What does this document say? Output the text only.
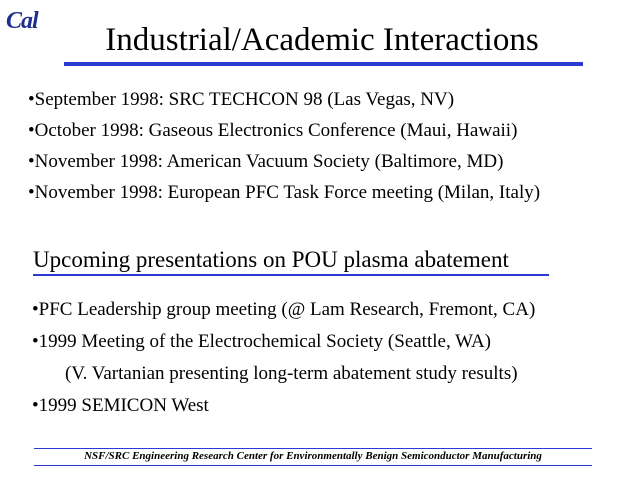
Cal
Industrial/Academic Interactions
•September 1998: SRC TECHCON 98 (Las Vegas, NV)
•October 1998: Gaseous Electronics Conference (Maui, Hawaii)
•November 1998: American Vacuum Society (Baltimore, MD)
•November 1998: European PFC Task Force meeting (Milan, Italy)
Upcoming presentations on POU plasma abatement
•PFC Leadership group meeting (@ Lam Research, Fremont, CA)
•1999 Meeting of the Electrochemical Society (Seattle, WA)
(V. Vartanian presenting long-term abatement study results)
•1999 SEMICON West
NSF/SRC Engineering Research Center for Environmentally Benign Semiconductor Manufacturing
